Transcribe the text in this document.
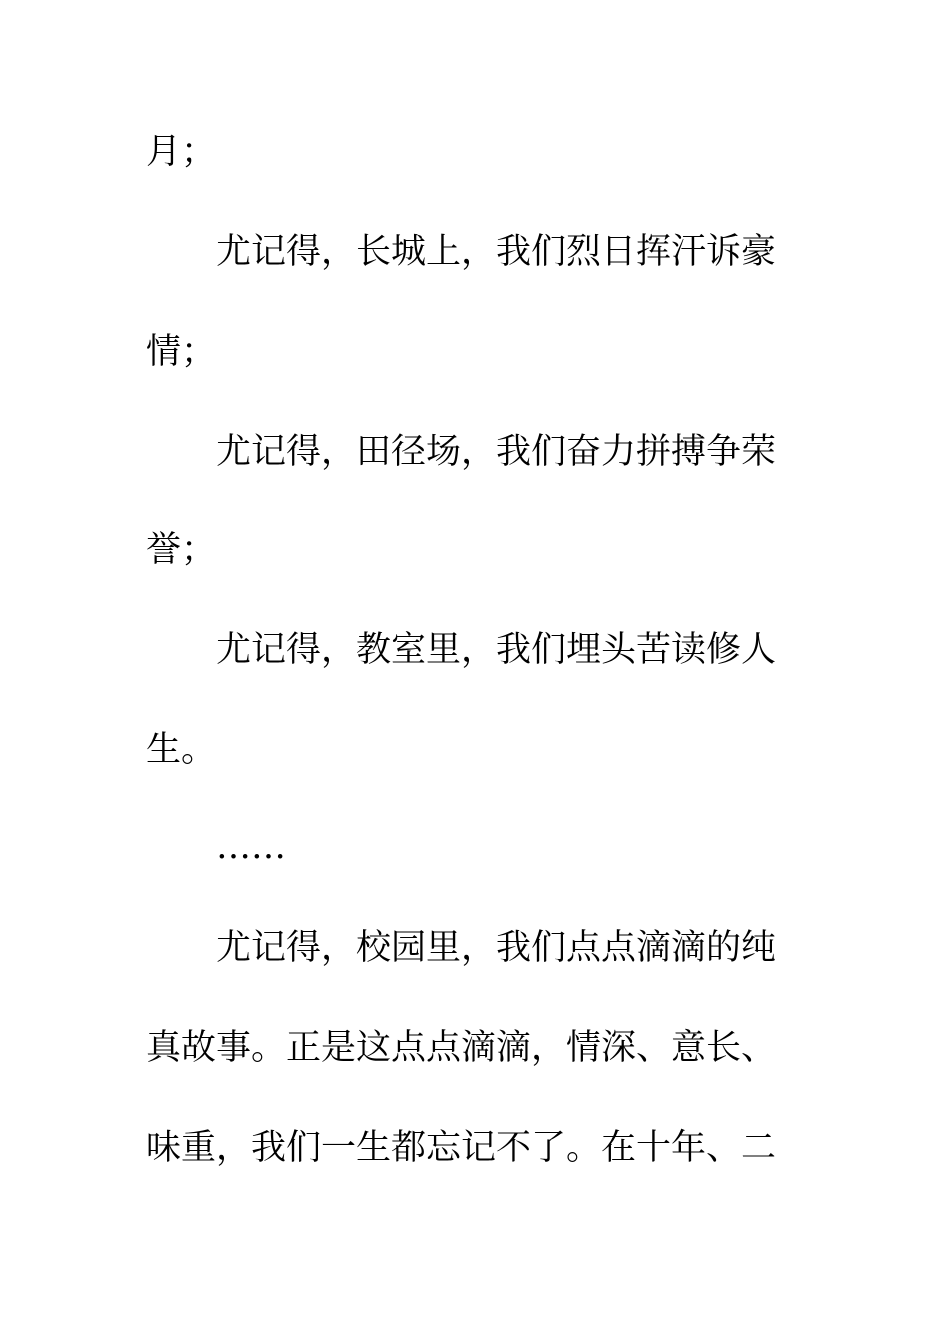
月；
尤记得，长城上，我们烈日挥汗诉豪
情；
尤记得，田径场，我们奋力拼搏争荣
誉；
尤记得，教室里，我们埋头苦读修人
生。
……
尤记得，校园里，我们点点滴滴的纯
真故事。正是这点点滴滴，情深、意长、
味重，我们一生都忘记不了。在十年、二
